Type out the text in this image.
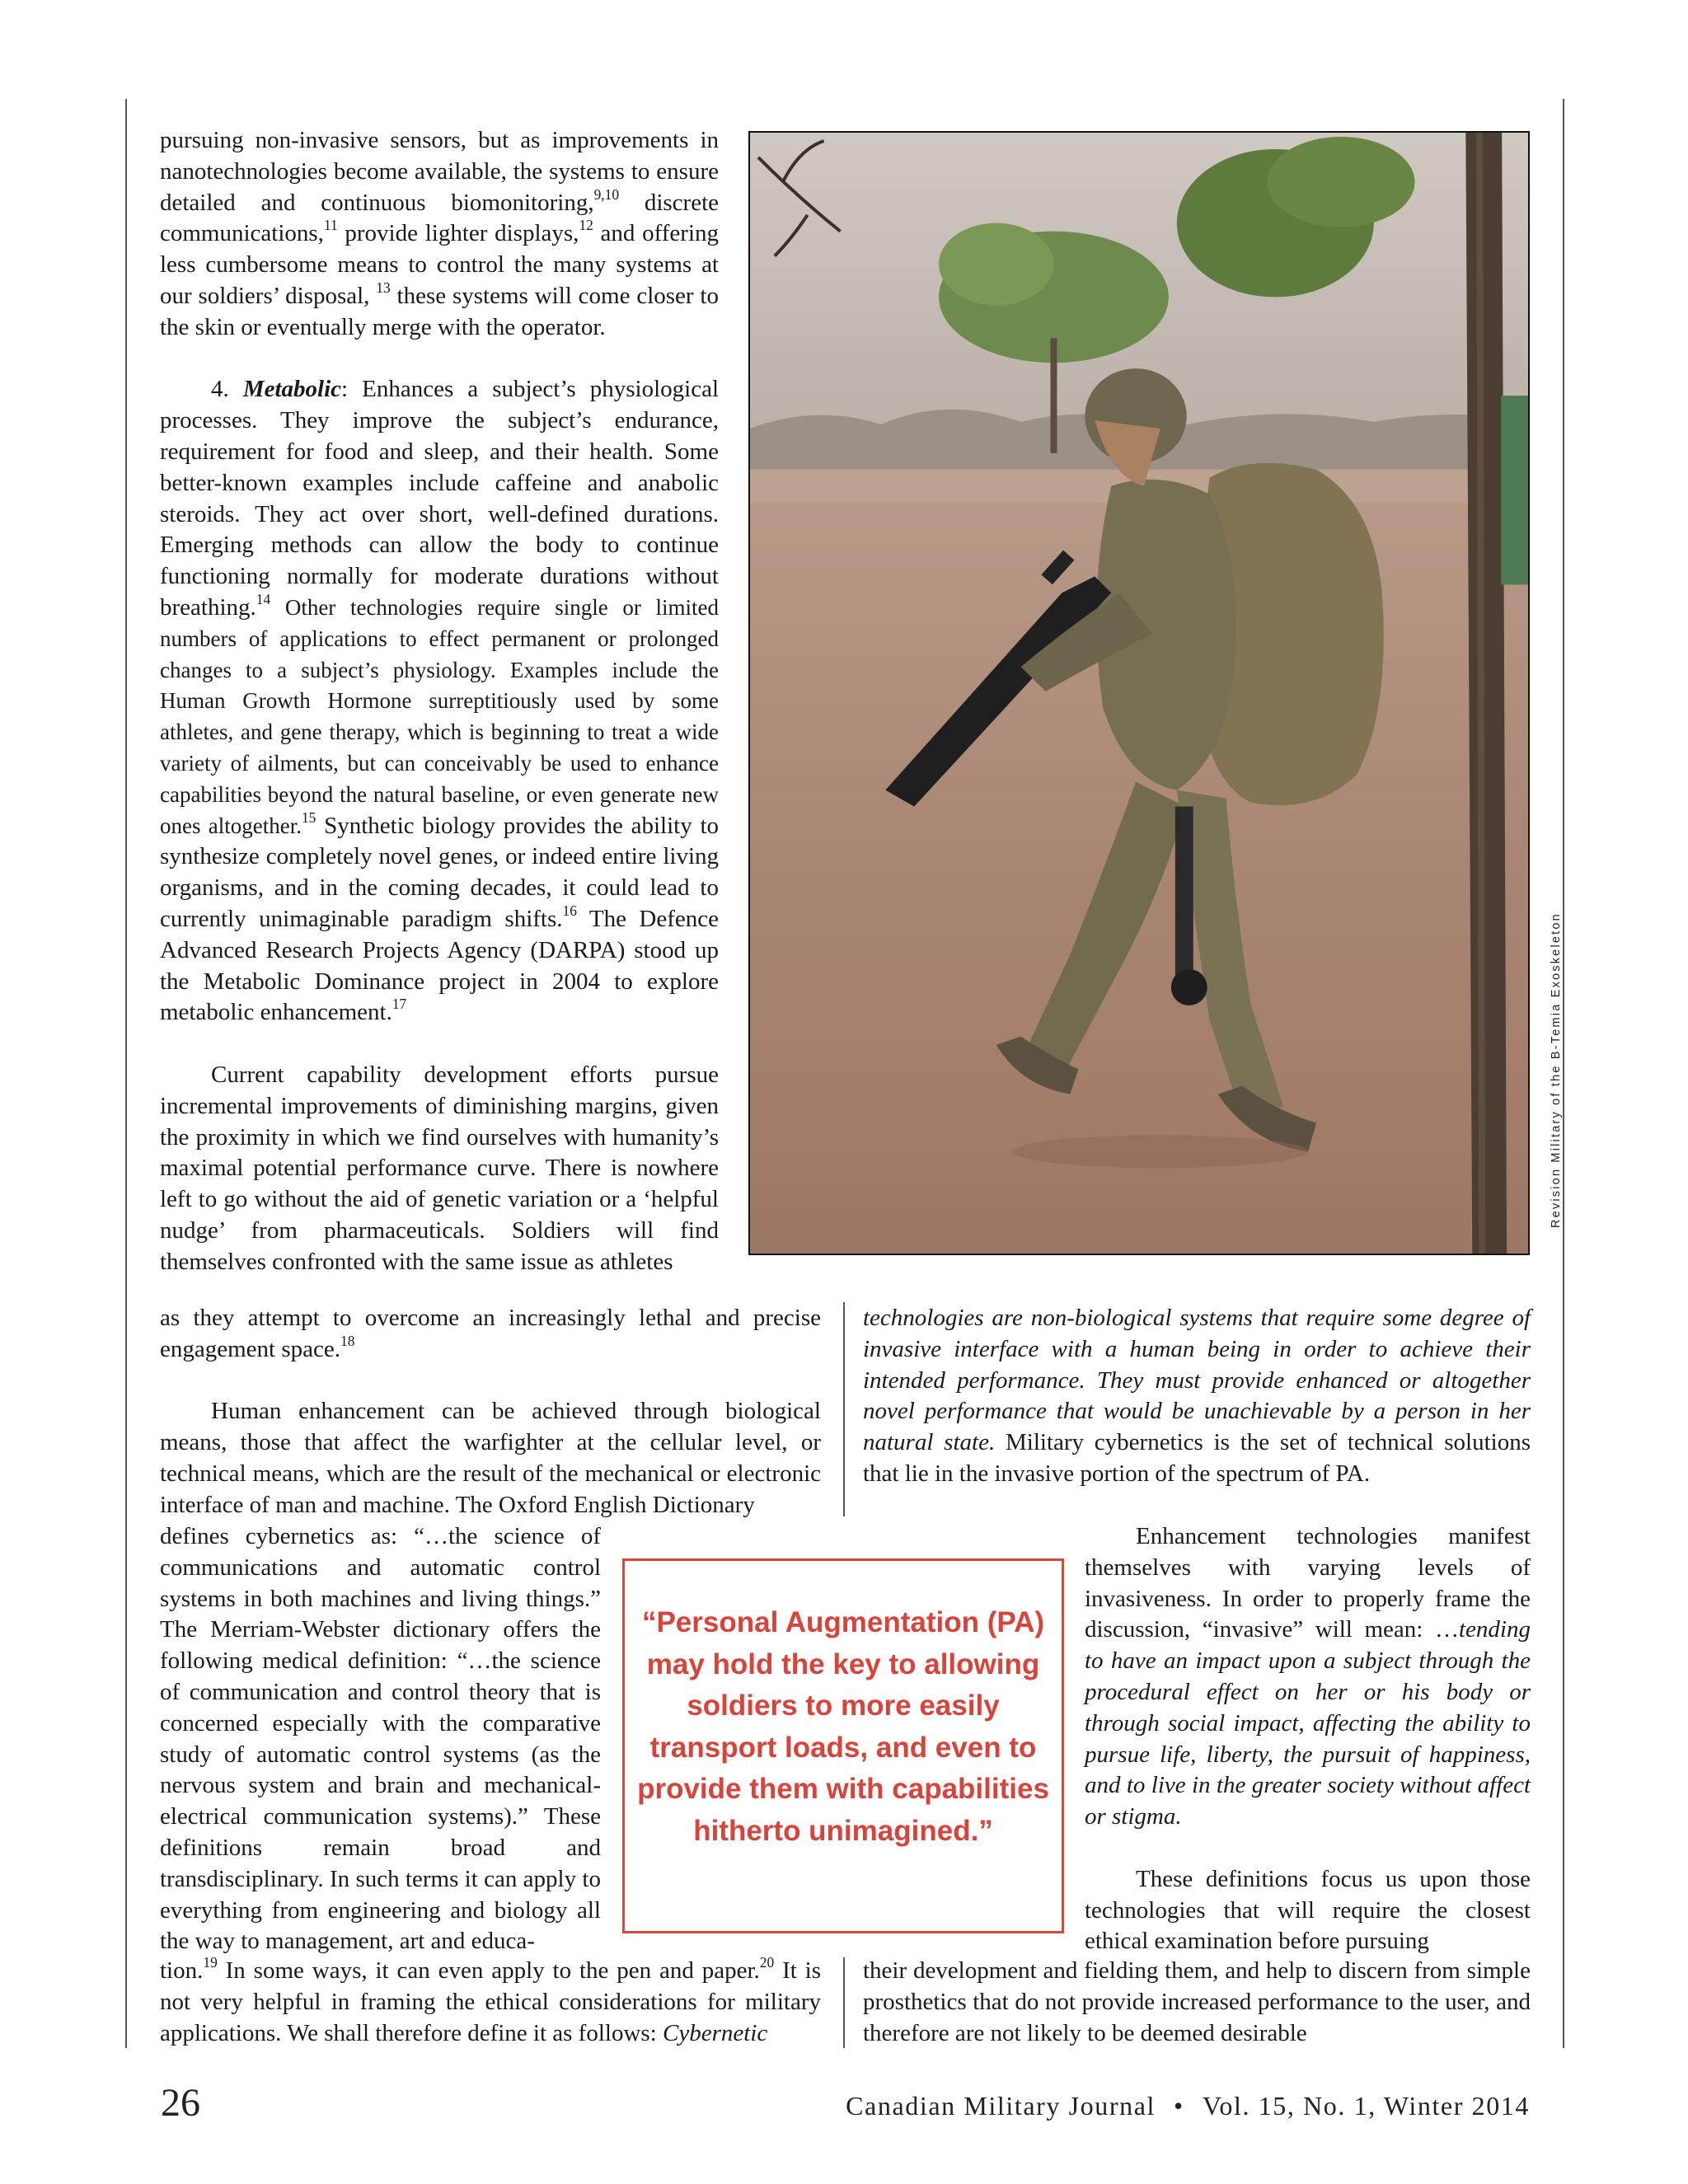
pursuing non-invasive sensors, but as improvements in nanotechnologies become available, the systems to ensure detailed and continuous biomonitoring,$^{9,10}$ discrete communications,$^{11}$ provide lighter displays,$^{12}$ and offering less cumbersome means to control the many systems at our soldiers’ disposal, $^{13}$ these systems will come closer to the skin or eventually merge with the operator.

4. Metabolic: Enhances a subject’s physiological processes. They improve the subject’s endurance, requirement for food and sleep, and their health. Some better-known examples include caffeine and anabolic steroids. They act over short, well-defined durations. Emerging methods can allow the body to continue functioning normally for moderate durations without breathing.$^{14}$ Other technologies require single or limited numbers of applications to effect permanent or prolonged changes to a subject’s physiology. Examples include the Human Growth Hormone surreptitiously used by some athletes, and gene therapy, which is beginning to treat a wide variety of ailments, but can conceivably be used to enhance capabilities beyond the natural baseline, or even generate new ones altogether.$^{15}$ Synthetic biology provides the ability to synthesize completely novel genes, or indeed entire living organisms, and in the coming decades, it could lead to currently unimaginable paradigm shifts.$^{16}$ The Defence Advanced Research Projects Agency (DARPA) stood up the Metabolic Dominance project in 2004 to explore metabolic enhancement.$^{17}$

Current capability development efforts pursue incremental improvements of diminishing margins, given the proximity in which we find ourselves with humanity’s maximal potential performance curve. There is nowhere left to go without the aid of genetic variation or a ‘helpful nudge’ from pharmaceuticals. Soldiers will find themselves confronted with the same issue as athletes

as they attempt to overcome an increasingly lethal and precise engagement space.$^{18}$

Human enhancement can be achieved through biological means, those that affect the warfighter at the cellular level, or technical means, which are the result of the mechanical or electronic interface of man and machine. The Oxford English Dictionary

defines cybernetics as: “…the science of communications and automatic control systems in both machines and living things.” The Merriam-Webster dictionary offers the following medical definition: “…the science of communication and control theory that is concerned especially with the comparative study of automatic control systems (as the nervous system and brain and mechanical-electrical communication systems).” These definitions remain broad and transdisciplinary. In such terms it can apply to everything from engineering and biology all the way to management, art and educa-

tion.$^{19}$ In some ways, it can even apply to the pen and paper.$^{20}$ It is not very helpful in framing the ethical considerations for military applications. We shall therefore define it as follows: Cybernetic

technologies are non-biological systems that require some degree of invasive interface with a human being in order to achieve their intended performance. They must provide enhanced or altogether novel performance that would be unachievable by a person in her natural state. Military cybernetics is the set of technical solutions that lie in the invasive portion of the spectrum of PA.

Enhancement technologies manifest themselves with varying levels of invasiveness. In order to properly frame the discussion, “invasive” will mean: …tending to have an impact upon a subject through the procedural effect on her or his body or through social impact, affecting the ability to pursue life, liberty, the pursuit of happiness, and to live in the greater society without affect or stigma.

These definitions focus us upon those technologies that will require the closest ethical examination before pursuing

their development and fielding them, and help to discern from simple prosthetics that do not provide increased performance to the user, and therefore are not likely to be deemed desirable

Revision Military of the B-Temia Exoskeleton
“Personal Augmentation (PA) may hold the key to allowing soldiers to more easily transport loads, and even to provide them with capabilities hitherto unimagined.”
26	Canadian Military Journal • Vol. 15, No. 1, Winter 2014
